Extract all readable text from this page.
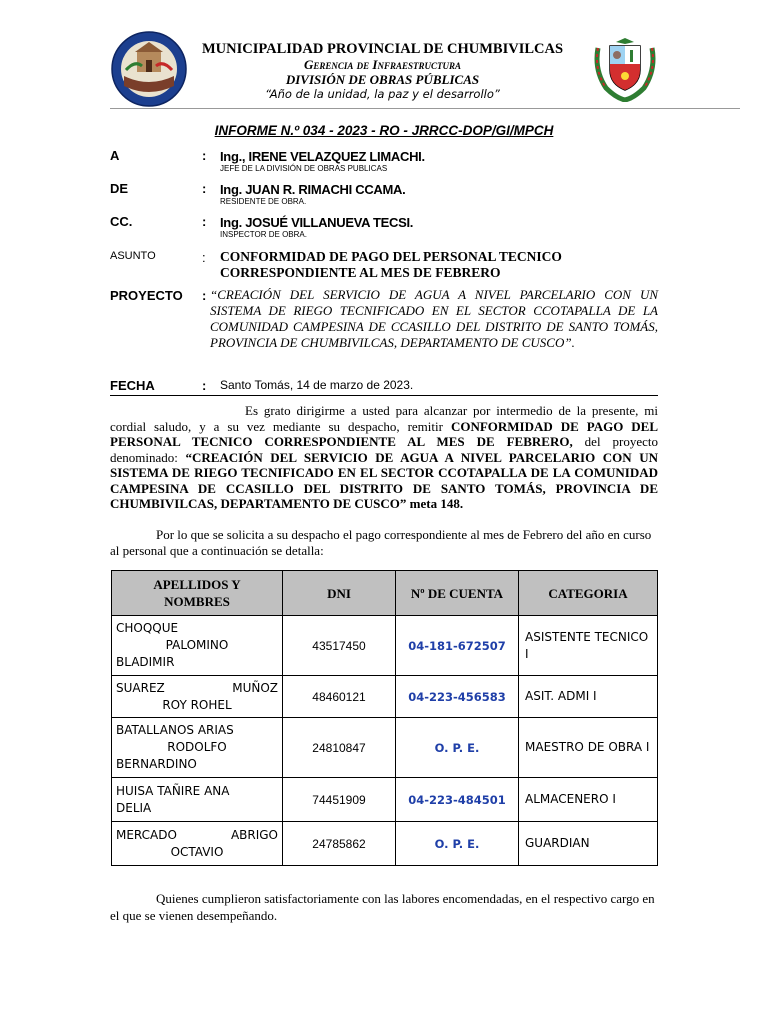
MUNICIPALIDAD PROVINCIAL DE CHUMBIVILCAS
Gerencia de Infraestructura
DIVISIÓN DE OBRAS PÚBLICAS
“Año de la unidad, la paz y el desarrollo”
INFORME N.º 034 - 2023 - RO - JRRCC-DOP/GI/MPCH
A	: Ing., IRENE VELAZQUEZ LIMACHI.
JEFE DE LA DIVISIÓN DE OBRAS PUBLICAS
DE	: Ing. JUAN R. RIMACHI CCAMA.
RESIDENTE DE OBRA.
CC.	: Ing. JOSUÉ VILLANUEVA TECSI.
INSPECTOR DE OBRA.
ASUNTO	: CONFORMIDAD DE PAGO DEL PERSONAL TECNICO CORRESPONDIENTE AL MES DE FEBRERO
PROYECTO : “CREACIÓN DEL SERVICIO DE AGUA A NIVEL PARCELARIO CON UN SISTEMA DE RIEGO TECNIFICADO EN EL SECTOR CCOTAPALLA DE LA COMUNIDAD CAMPESINA DE CCASILLO DEL DISTRITO DE SANTO TOMÁS, PROVINCIA DE CHUMBIVILCAS, DEPARTAMENTO DE CUSCO”.
FECHA	: Santo Tomás, 14 de marzo de 2023.
Es grato dirigirme a usted para alcanzar por intermedio de la presente, mi cordial saludo, y a su vez mediante su despacho, remitir CONFORMIDAD DE PAGO DEL PERSONAL TECNICO CORRESPONDIENTE AL MES DE FEBRERO, del proyecto denominado: “CREACIÓN DEL SERVICIO DE AGUA A NIVEL PARCELARIO CON UN SISTEMA DE RIEGO TECNIFICADO EN EL SECTOR CCOTAPALLA DE LA COMUNIDAD CAMPESINA DE CCASILLO DEL DISTRITO DE SANTO TOMÁS, PROVINCIA DE CHUMBIVILCAS, DEPARTAMENTO DE CUSCO” meta 148.
Por lo que se solicita a su despacho el pago correspondiente al mes de Febrero del año en curso al personal que a continuación se detalla:
APELLIDOS Y NOMBRES	DNI	Nº DE CUENTA	CATEGORIA

CHOQQUE
PALOMINO
BLADIMIR	43517450	04-181-672507	ASISTENTE TECNICO I

SUAREZ MUÑOZ
ROY ROHEL	48460121	04-223-456583	ASIT. ADMI I

BATALLANOS ARIAS
RODOLFO
BERNARDINO	24810847	O. P. E.	MAESTRO DE OBRA I

HUISA TAÑIRE ANA
DELIA	74451909	04-223-484501	ALMACENERO I

MERCADO ABRIGO
OCTAVIO	24785862	O. P. E.	GUARDIAN
Quienes cumplieron satisfactoriamente con las labores encomendadas, en el respectivo cargo en el que se vienen desempeñando.
